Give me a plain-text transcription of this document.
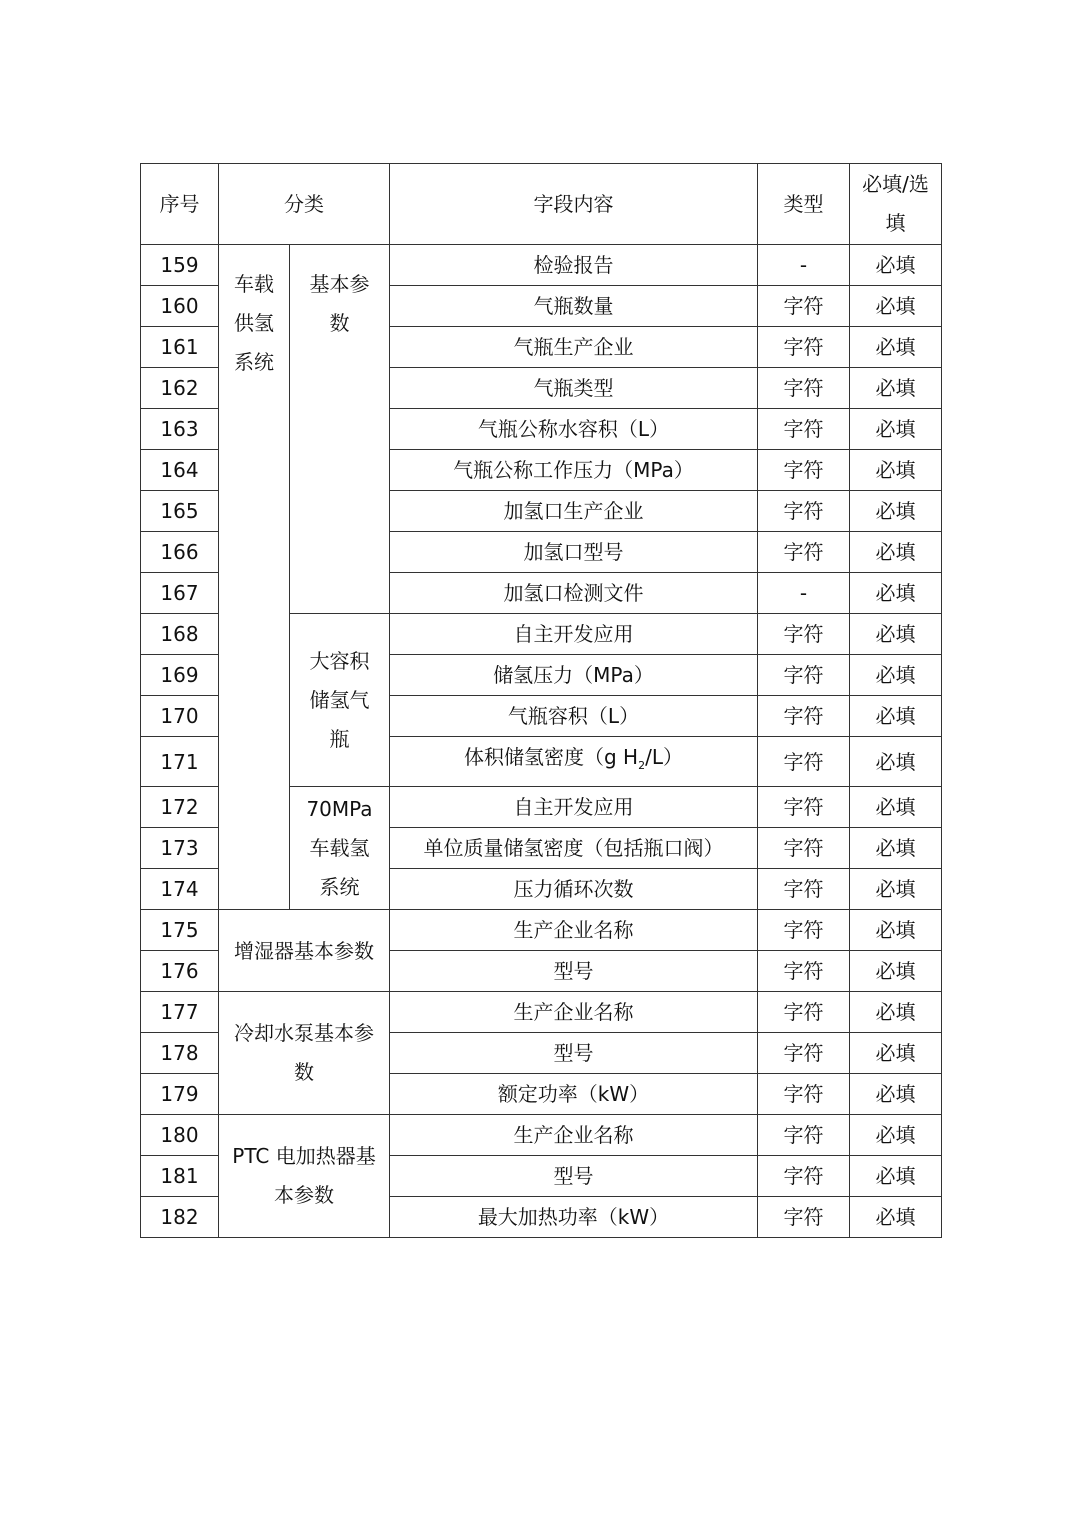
序号	分类		字段内容	类型	必填/选填
159	车载供氢系统	基本参数	检验报告	-	必填
160			气瓶数量	字符	必填
161			气瓶生产企业	字符	必填
162			气瓶类型	字符	必填
163			气瓶公称水容积（L）	字符	必填
164			气瓶公称工作压力（MPa）	字符	必填
165			加氢口生产企业	字符	必填
166			加氢口型号	字符	必填
167			加氢口检测文件	-	必填
168		大容积储氢气瓶	自主开发应用	字符	必填
169			储氢压力（MPa）	字符	必填
170			气瓶容积（L）	字符	必填
171			体积储氢密度（g $H_2/L$）	字符	必填
172		70MPa车载氢系统	自主开发应用	字符	必填
173			单位质量储氢密度（包括瓶口阀）	字符	必填
174			压力循环次数	字符	必填
175	增湿器基本参数		生产企业名称	字符	必填
176			型号	字符	必填
177	冷却水泵基本参数		生产企业名称	字符	必填
178			型号	字符	必填
179			额定功率（kW）	字符	必填
180	PTC 电加热器基本参数		生产企业名称	字符	必填
181			型号	字符	必填
182			最大加热功率（kW）	字符	必填
